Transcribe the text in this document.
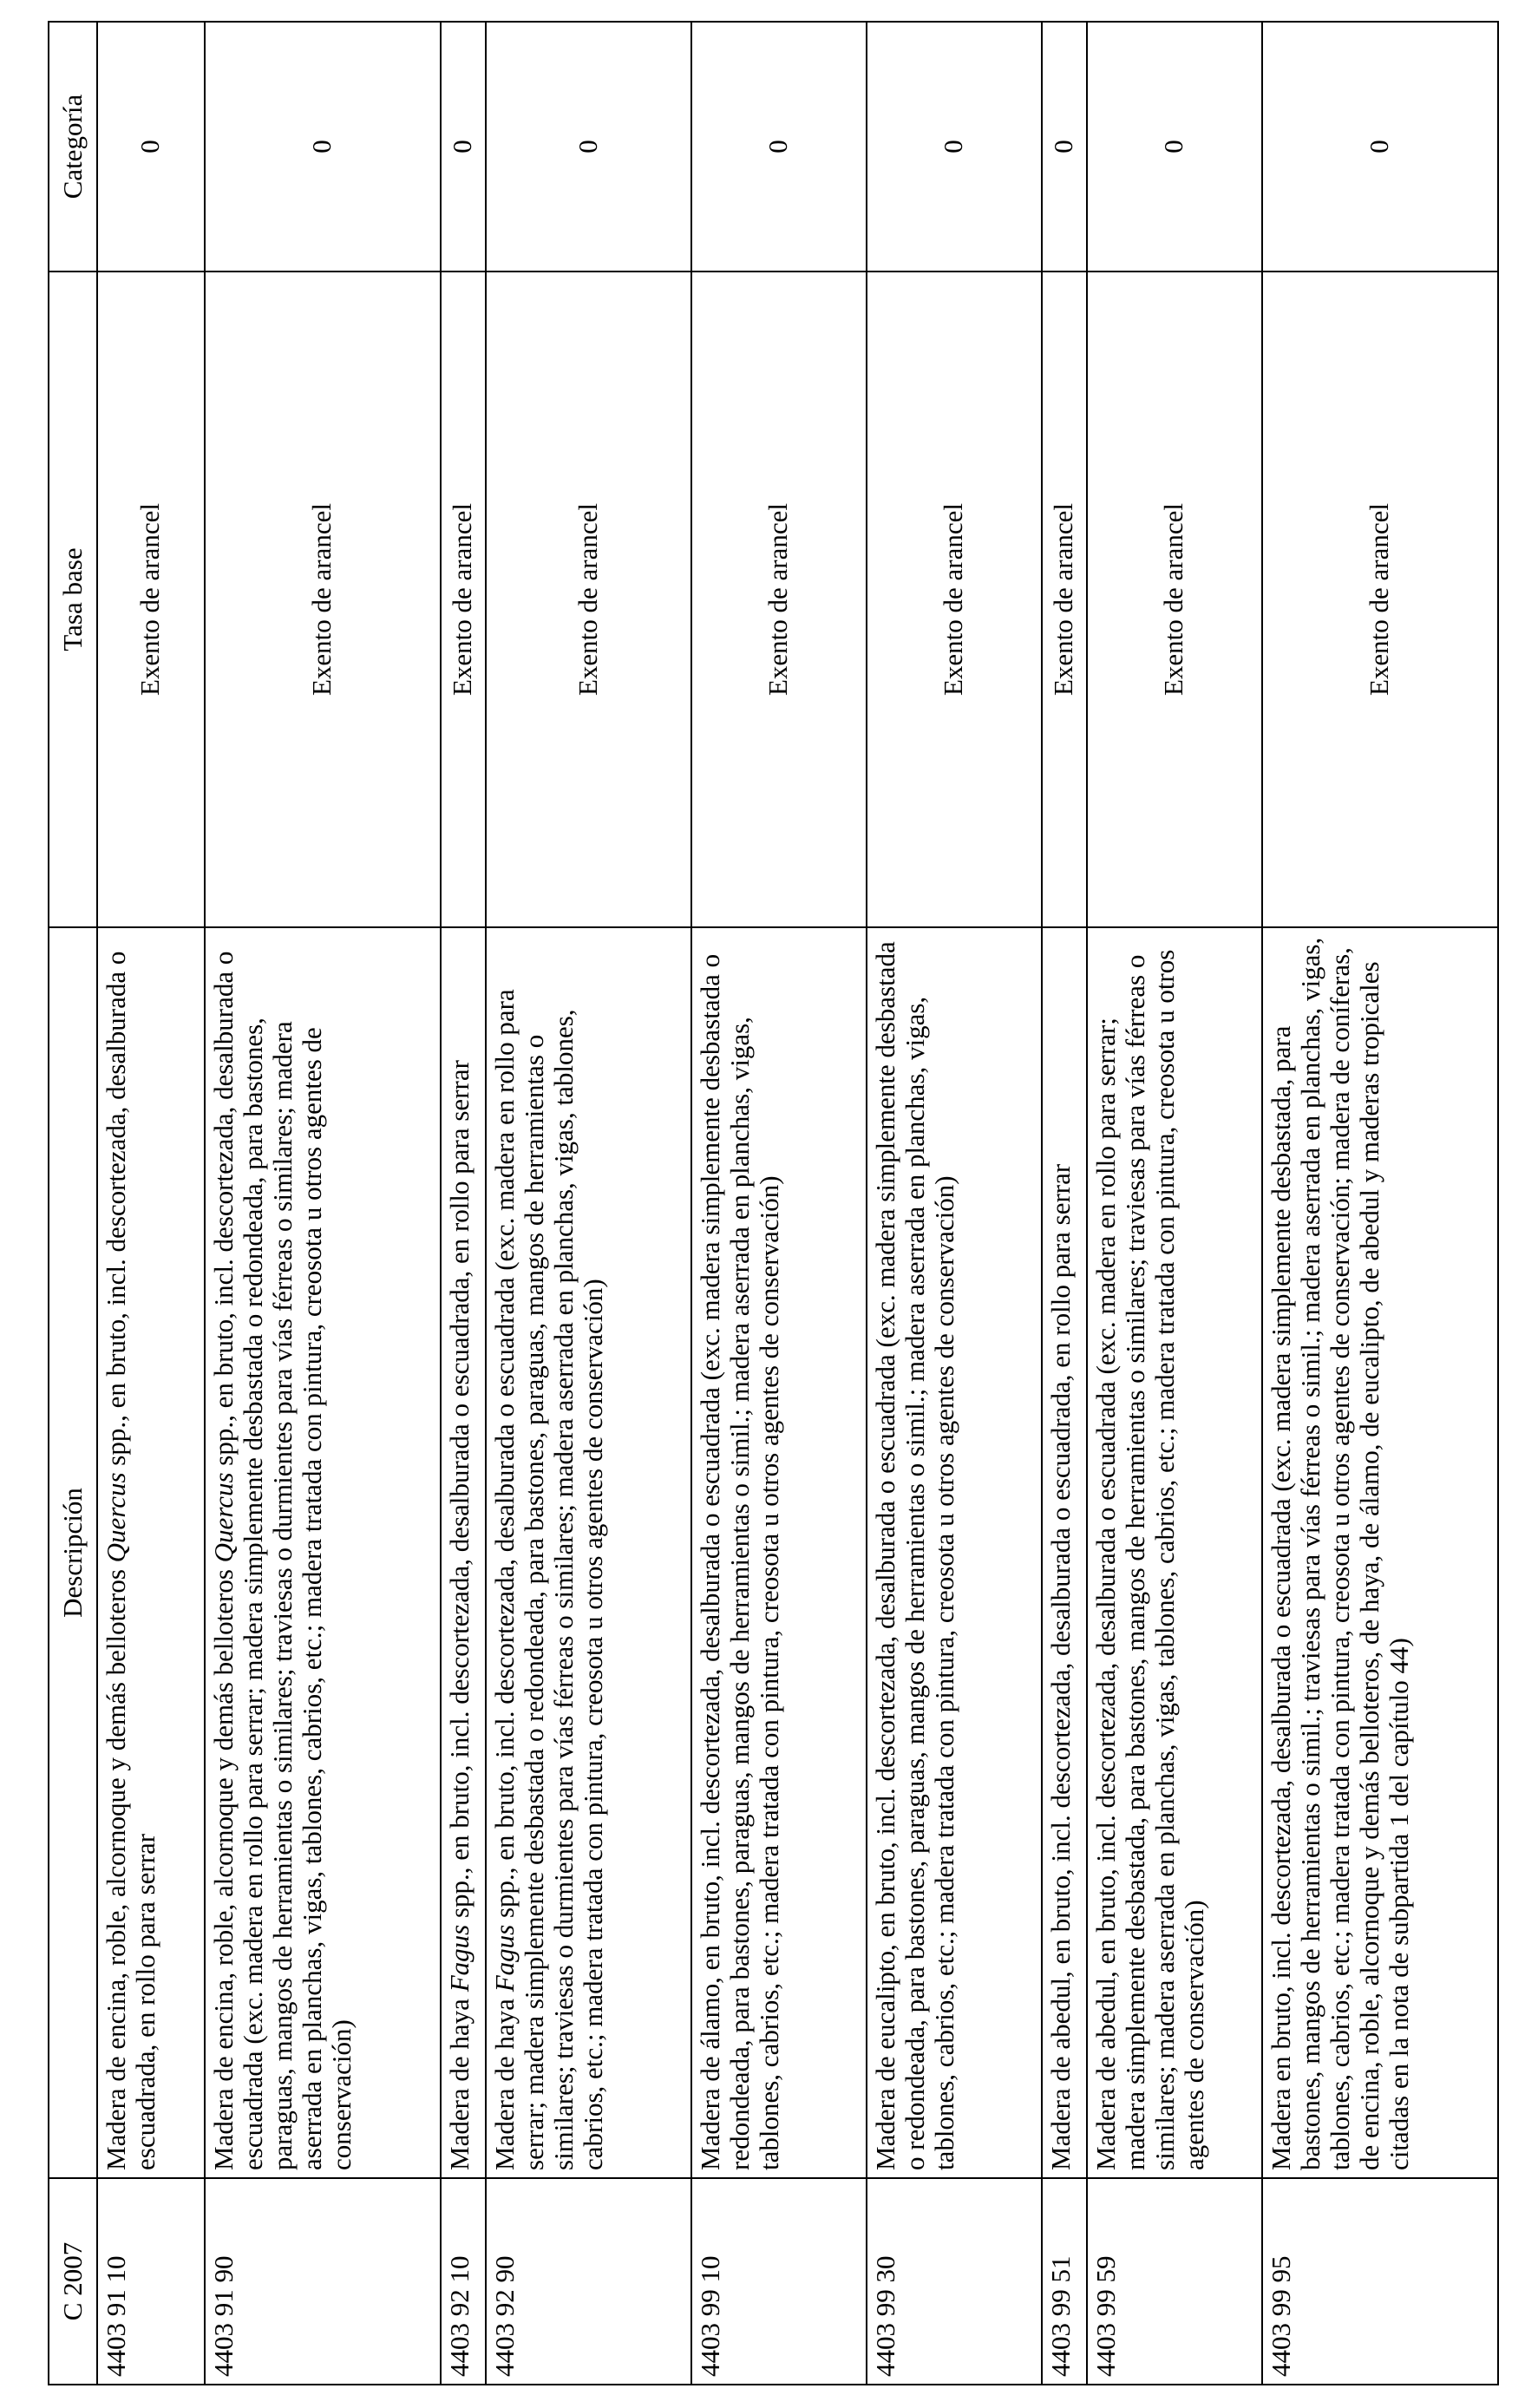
C 2007	Descripción	Tasa base	Categoría
4403 91 10	Madera de encina, roble, alcornoque y demás belloteros Quercus spp., en bruto, incl. descortezada, desalburada o escuadrada, en rollo para serrar	Exento de arancel	0
4403 91 90	Madera de encina, roble, alcornoque y demás belloteros Quercus spp., en bruto, incl. descortezada, desalburada o escuadrada (exc. madera en rollo para serrar; madera simplemente desbastada o redondeada, para bastones, paraguas, mangos de herramientas o similares; traviesas o durmientes para vías férreas o similares; madera aserrada en planchas, vigas, tablones, cabrios, etc.; madera tratada con pintura, creosota u otros agentes de conservación)	Exento de arancel	0
4403 92 10	Madera de haya Fagus spp., en bruto, incl. descortezada, desalburada o escuadrada, en rollo para serrar	Exento de arancel	0
4403 92 90	Madera de haya Fagus spp., en bruto, incl. descortezada, desalburada o escuadrada (exc. madera en rollo para serrar; madera simplemente desbastada o redondeada, para bastones, paraguas, mangos de herramientas o similares; traviesas o durmientes para vías férreas o similares; madera aserrada en planchas, vigas, tablones, cabrios, etc.; madera tratada con pintura, creosota u otros agentes de conservación)	Exento de arancel	0
4403 99 10	Madera de álamo, en bruto, incl. descortezada, desalburada o escuadrada (exc. madera simplemente desbastada o redondeada, para bastones, paraguas, mangos de herramientas o simil.; madera aserrada en planchas, vigas, tablones, cabrios, etc.; madera tratada con pintura, creosota u otros agentes de conservación)	Exento de arancel	0
4403 99 30	Madera de eucalipto, en bruto, incl. descortezada, desalburada o escuadrada (exc. madera simplemente desbastada o redondeada, para bastones, paraguas, mangos de herramientas o simil.; madera aserrada en planchas, vigas, tablones, cabrios, etc.; madera tratada con pintura, creosota u otros agentes de conservación)	Exento de arancel	0
4403 99 51	Madera de abedul, en bruto, incl. descortezada, desalburada o escuadrada, en rollo para serrar	Exento de arancel	0
4403 99 59	Madera de abedul, en bruto, incl. descortezada, desalburada o escuadrada (exc. madera en rollo para serrar; madera simplemente desbastada, para bastones, mangos de herramientas o similares; traviesas para vías férreas o similares; madera aserrada en planchas, vigas, tablones, cabrios, etc.; madera tratada con pintura, creosota u otros agentes de conservación)	Exento de arancel	0
4403 99 95	Madera en bruto, incl. descortezada, desalburada o escuadrada (exc. madera simplemente desbastada, para bastones, mangos de herramientas o simil.; traviesas para vías férreas o simil.; madera aserrada en planchas, vigas, tablones, cabrios, etc.; madera tratada con pintura, creosota u otros agentes de conservación; madera de coníferas, de encina, roble, alcornoque y demás belloteros, de haya, de álamo, de eucalipto, de abedul y maderas tropicales citadas en la nota de subpartida 1 del capítulo 44)	Exento de arancel	0
